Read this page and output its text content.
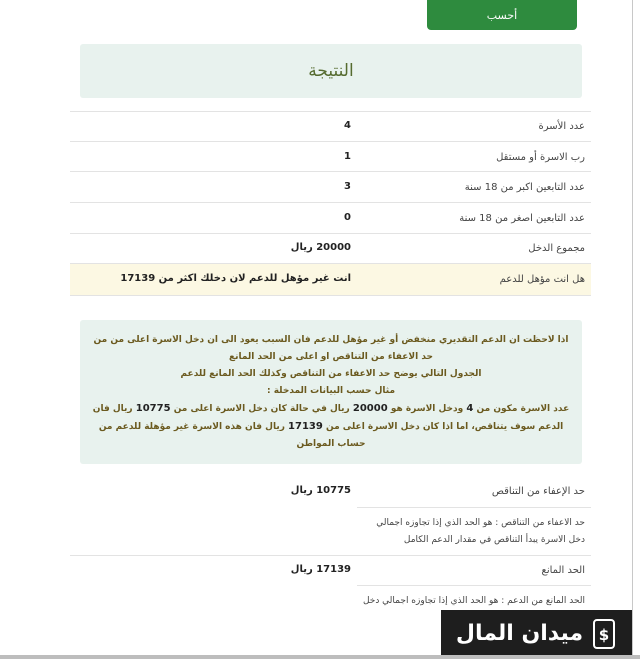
أحسب
النتيجة
عدد الأسرة
4
رب الاسرة أو مستقل
1
عدد التابعين اكبر من 18 سنة
3
عدد التابعين اصغر من 18 سنة
0
مجموع الدخل
20000 ريال
هل انت مؤهل للدعم
انت غير مؤهل للدعم لان دخلك اكثر من 17139

اذا لاحظت ان الدعم التقديري منخفض أو غير مؤهل للدعم فان السبب يعود الى ان دخل الاسرة اعلى من من حد الاعفاء من التناقص او اعلى من الحد المانع

الجدول التالي يوضح حد الاعفاء من التناقص وكذلك الحد المانع للدعم

مثال حسب البيانات المدخلة :

عدد الاسرة مكون من 4 ودخل الاسرة هو 20000 ريال في حالة كان دخل الاسرة اعلى من 10775 ريال فان الدعم سوف يتناقص، اما اذا كان دخل الاسرة اعلى من 17139 ريال فان هذه الاسرة غير مؤهلة للدعم من حساب المواطن

حد الإعفاء من التناقص
10775 ريال
حد الاعفاء من التناقص : هو الحد الذي إذا تجاوزه اجمالي دخل الاسرة يبدأ التناقص في مقدار الدعم الكامل
الحد المانع
17139 ريال
الحد المانع من الدعم : هو الحد الذي إذا تجاوزه اجمالي دخل
ميدان المال $
